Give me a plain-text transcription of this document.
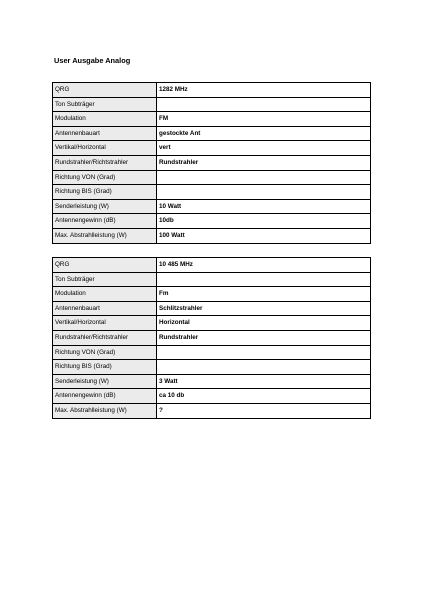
User Ausgabe Analog
QRG	1282 MHz
Ton Subträger	
Modulation	FM
Antennenbauart	gestockte Ant
Vertikal/Horizontal	vert
Rundstrahler/Richtstrahler	Rundstrahler
Richtung VON (Grad)	
Richtung BIS (Grad)	
Senderleistung (W)	10 Watt
Antennengewinn (dB)	10db
Max. Abstrahlleistung (W)	100 Watt
QRG	10 485 MHz
Ton Subträger	
Modulation	Fm
Antennenbauart	Schlitzstrahler
Vertikal/Horizontal	Horizontal
Rundstrahler/Richtstrahler	Rundstrahler
Richtung VON (Grad)	
Richtung BIS (Grad)	
Senderleistung (W)	3 Watt
Antennengewinn (dB)	ca 10 db
Max. Abstrahlleistung (W)	?
